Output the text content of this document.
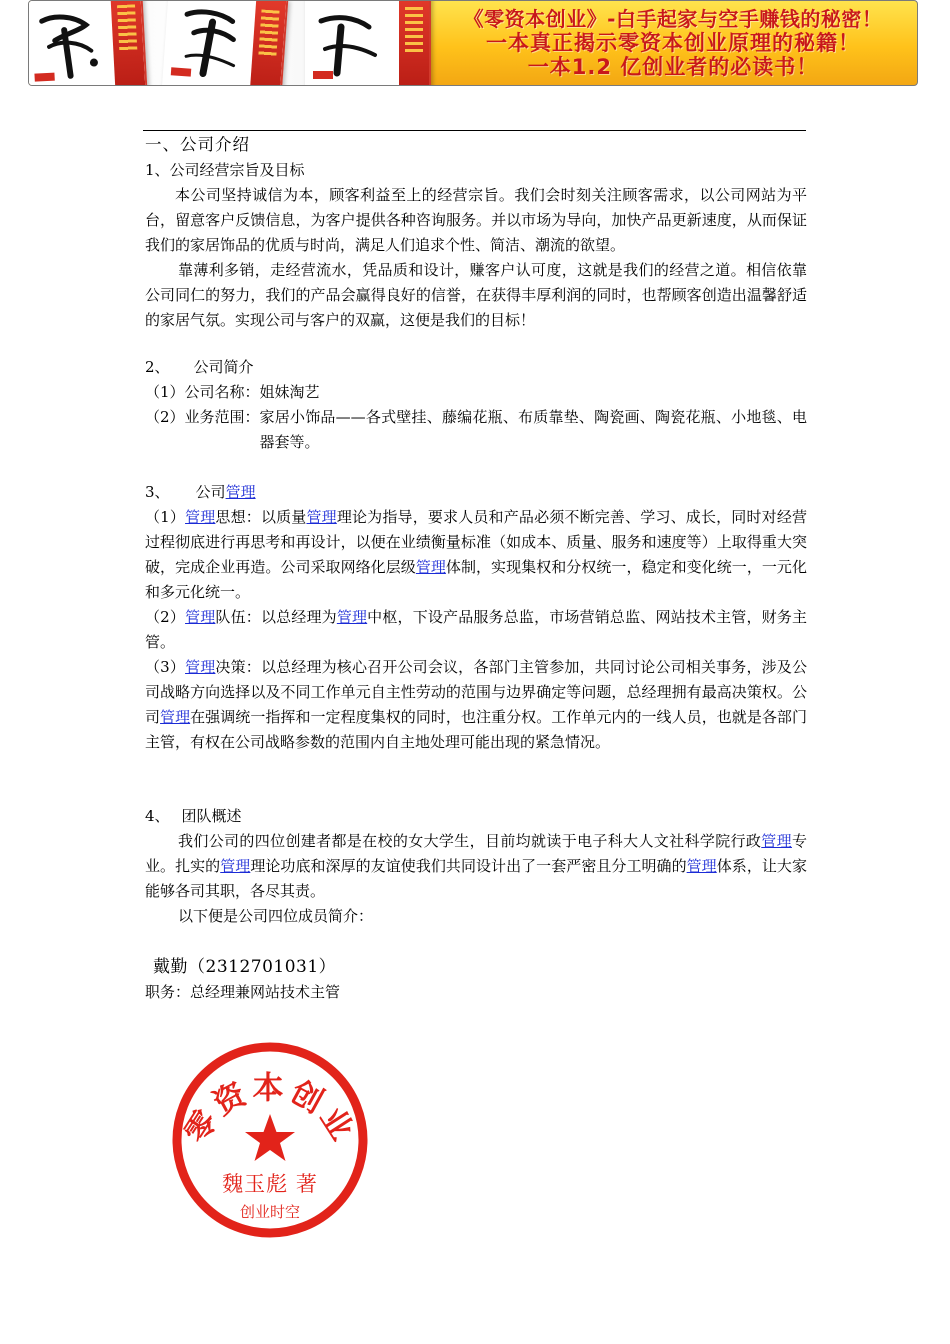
《零资本创业》-白手起家与空手赚钱的秘密！
一本真正揭示零资本创业原理的秘籍！
一本1.2 亿创业者的必读书！
一、公司介绍

1、公司经营宗旨及目标

本公司坚持诚信为本，顾客利益至上的经营宗旨。我们会时刻关注顾客需求，以公司网站为平台，留意客户反馈信息，为客户提供各种咨询服务。并以市场为导向，加快产品更新速度，从而保证我们的家居饰品的优质与时尚，满足人们追求个性、简洁、潮流的欲望。

靠薄利多销，走经营流水，凭品质和设计，赚客户认可度，这就是我们的经营之道。相信依靠公司同仁的努力，我们的产品会赢得良好的信誉，在获得丰厚利润的同时，也帮顾客创造出温馨舒适的家居气氛。实现公司与客户的双赢，这便是我们的目标！

2、 公司简介

（1）公司名称：姐妹淘艺

（2）业务范围： 家居小饰品——各式壁挂、藤编花瓶、布质靠垫、陶瓷画、陶瓷花瓶、小地毯、电器套等。

3、 公司管理

（1）管理思想：以质量管理理论为指导，要求人员和产品必须不断完善、学习、成长，同时对经营过程彻底进行再思考和再设计，以便在业绩衡量标准（如成本、质量、服务和速度等）上取得重大突破，完成企业再造。公司采取网络化层级管理体制，实现集权和分权统一，稳定和变化统一，一元化和多元化统一。

（2）管理队伍：以总经理为管理中枢，下设产品服务总监，市场营销总监、网站技术主管，财务主管。

（3）管理决策：以总经理为核心召开公司会议，各部门主管参加，共同讨论公司相关事务，涉及公司战略方向选择以及不同工作单元自主性劳动的范围与边界确定等问题，总经理拥有最高决策权。公司管理在强调统一指挥和一定程度集权的同时，也注重分权。工作单元内的一线人员，也就是各部门主管，有权在公司战略参数的范围内自主地处理可能出现的紧急情况。

4、 团队概述

我们公司的四位创建者都是在校的女大学生，目前均就读于电子科大人文社科学院行政管理专业。扎实的管理理论功底和深厚的友谊使我们共同设计出了一套严密且分工明确的管理体系，让大家能够各司其职，各尽其责。

以下便是公司四位成员简介：

戴勤（2312701031）

职务：总经理兼网站技术主管

零资本创业
魏玉彪 著
创业时空
